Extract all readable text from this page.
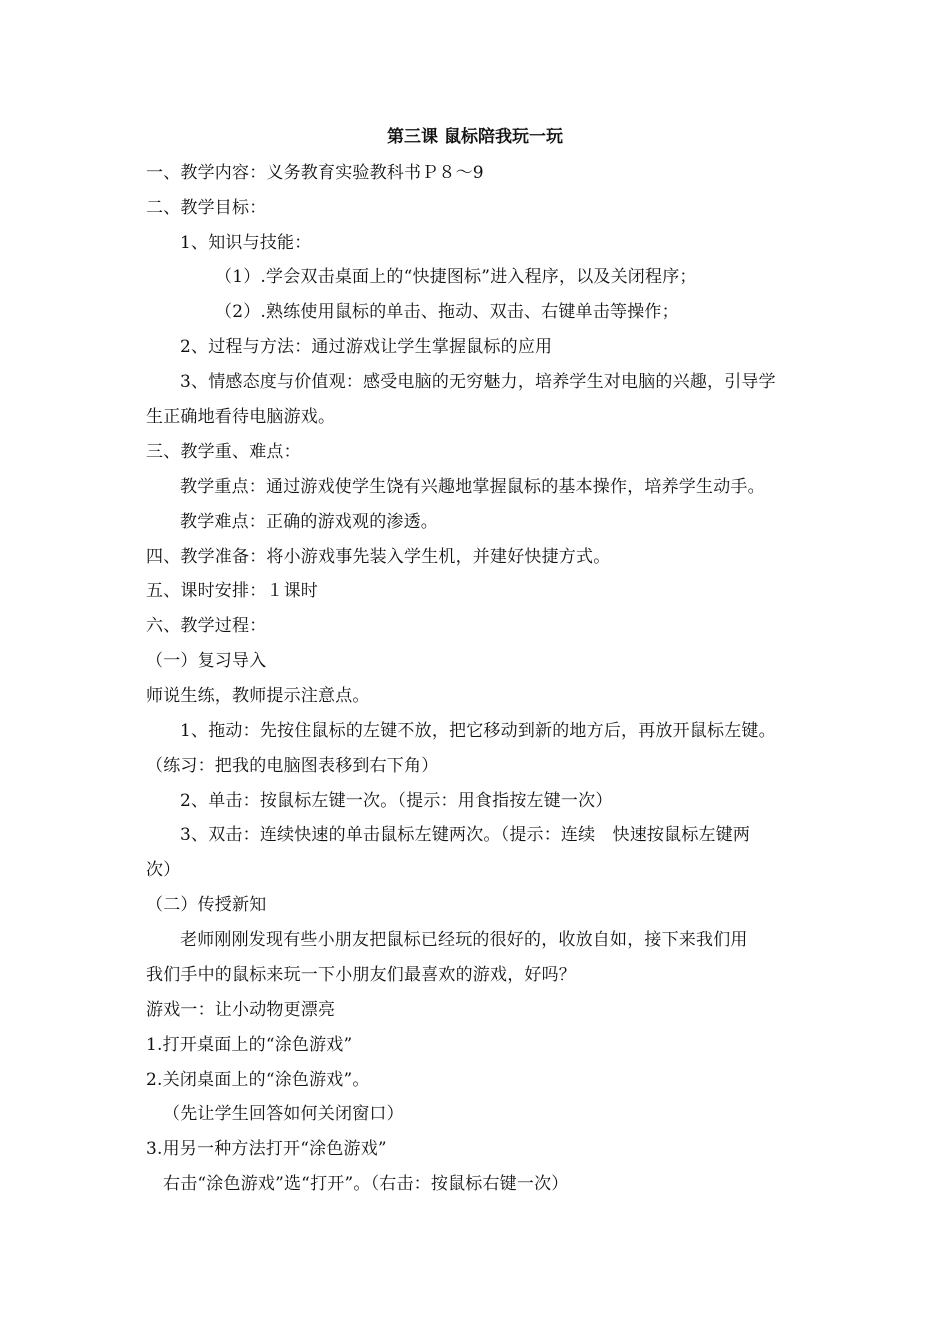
第三课 鼠标陪我玩一玩
一、教学内容：义务教育实验教科书Ｐ８～9
二、教学目标：
1、知识与技能：
（1）.学会双击桌面上的“快捷图标”进入程序，以及关闭程序；
（2）.熟练使用鼠标的单击、拖动、双击、右键单击等操作；
2、过程与方法：通过游戏让学生掌握鼠标的应用
3、情感态度与价值观：感受电脑的无穷魅力，培养学生对电脑的兴趣，引导学
生正确地看待电脑游戏。
三、教学重、难点：
教学重点：通过游戏使学生饶有兴趣地掌握鼠标的基本操作，培养学生动手。
教学难点：正确的游戏观的渗透。
四、教学准备：将小游戏事先装入学生机，并建好快捷方式。
五、课时安排：１课时
六、教学过程：
（一）复习导入
师说生练，教师提示注意点。
1、拖动：先按住鼠标的左键不放，把它移动到新的地方后，再放开鼠标左键。
（练习：把我的电脑图表移到右下角）
2、单击：按鼠标左键一次。（提示：用食指按左键一次）
3、双击：连续快速的单击鼠标左键两次。（提示：连续　快速按鼠标左键两
次）
（二）传授新知
老师刚刚发现有些小朋友把鼠标已经玩的很好的，收放自如，接下来我们用
我们手中的鼠标来玩一下小朋友们最喜欢的游戏，好吗？
游戏一：让小动物更漂亮
1.打开桌面上的“涂色游戏”
2.关闭桌面上的“涂色游戏”。
（先让学生回答如何关闭窗口）
3.用另一种方法打开“涂色游戏”
右击“涂色游戏”选“打开”。（右击：按鼠标右键一次）
